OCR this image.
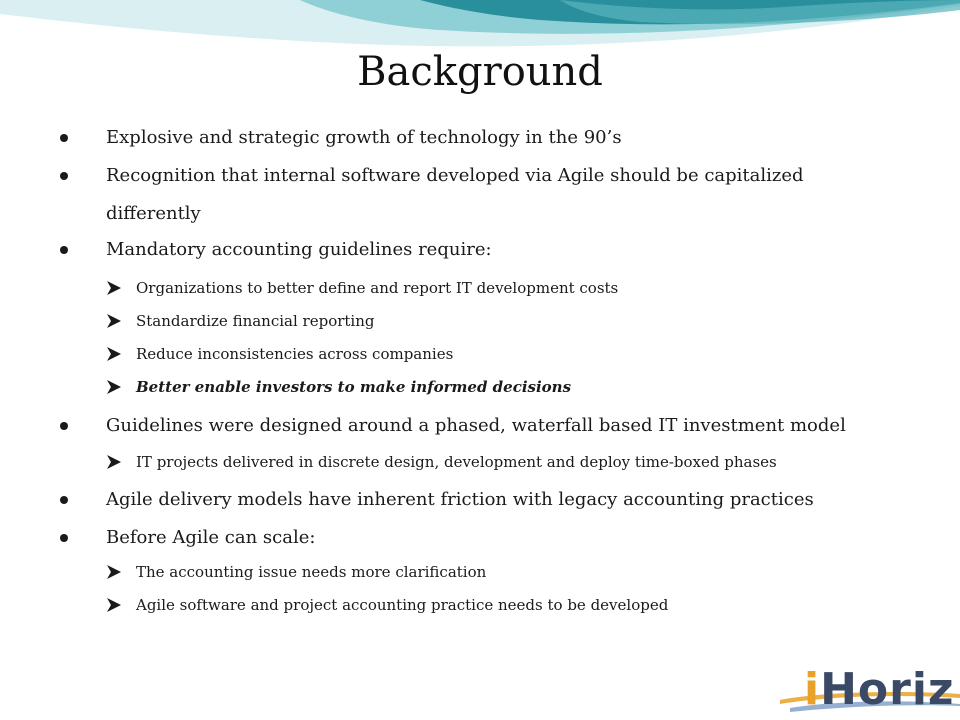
Background
Explosive and strategic growth of technology in the 90’s
Recognition that internal software developed via Agile should be capitalized
differently
Mandatory accounting guidelines require:
Organizations to better define and report IT development costs
Standardize financial reporting
Reduce inconsistencies across companies
Better enable investors to make informed decisions
Guidelines were designed around a phased, waterfall based IT investment model
IT projects delivered in discrete design, development and deploy time-boxed phases
Agile delivery models have inherent friction with legacy accounting practices
Before Agile can scale:
The accounting issue needs more clarification
Agile software and project accounting practice needs to be developed
iHoriz
